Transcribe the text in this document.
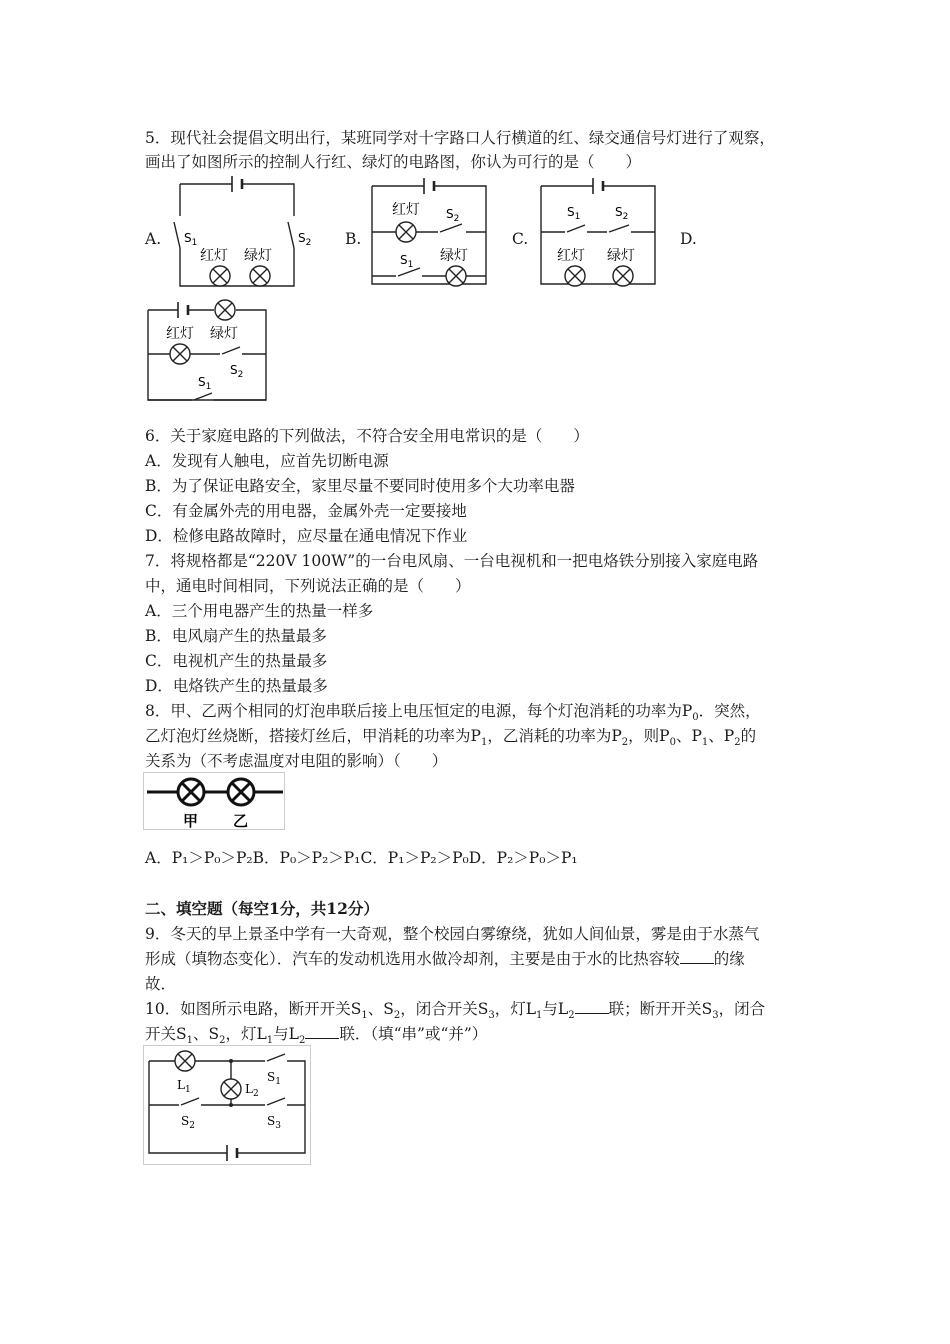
5．现代社会提倡文明出行，某班同学对十字路口人行横道的红、绿交通信号灯进行了观察，
画出了如图所示的控制人行红、绿灯的电路图，你认为可行的是（　　）
A.	B.	C.	D.
$S_1$	$S_2$
红灯 绿灯
红灯 $S_2$
$S_1$
绿灯
$S_1$	$S_2$
红灯 绿灯
红灯 绿灯
$S_2$
$S_1$
6．关于家庭电路的下列做法，不符合安全用电常识的是（　　）
A．发现有人触电，应首先切断电源
B．为了保证电路安全，家里尽量不要同时使用多个大功率电器
C．有金属外壳的用电器，金属外壳一定要接地
D．检修电路故障时，应尽量在通电情况下作业
7．将规格都是“220V 100W”的一台电风扇、一台电视机和一把电烙铁分别接入家庭电路
中，通电时间相同，下列说法正确的是（　　）
A．三个用电器产生的热量一样多
B．电风扇产生的热量最多
C．电视机产生的热量最多
D．电烙铁产生的热量最多
8．甲、乙两个相同的灯泡串联后接上电压恒定的电源，每个灯泡消耗的功率为$P_0$．突然，
乙灯泡灯丝烧断，搭接灯丝后，甲消耗的功率为$P_1$，乙消耗的功率为$P_2$，则$P_0$、$P_1$、$P_2$的
关系为（不考虑温度对电阻的影响）（　　）
甲 乙
A．P₁＞P₀＞P₂B．P₀＞P₂＞P₁C．P₁＞P₂＞P₀D．P₂＞P₀＞P₁
二、填空题（每空1分，共12分）
9．冬天的早上景圣中学有一大奇观，整个校园白雾缭绕，犹如人间仙景，雾是由于水蒸气
形成（填物态变化）．汽车的发动机选用水做冷却剂，主要是由于水的比热容较 的缘
故．
10．如图所示电路，断开开关$S_1$、$S_2$，闭合开关$S_3$，灯$L_1$与$L_2$ 联；断开开关$S_3$，闭合
开关$S_1$、$S_2$，灯$L_1$与$L_2$ 联．（填“串”或“并”）
$L_1$	$L_2$
$S_1$
$S_2$	$S_3$
